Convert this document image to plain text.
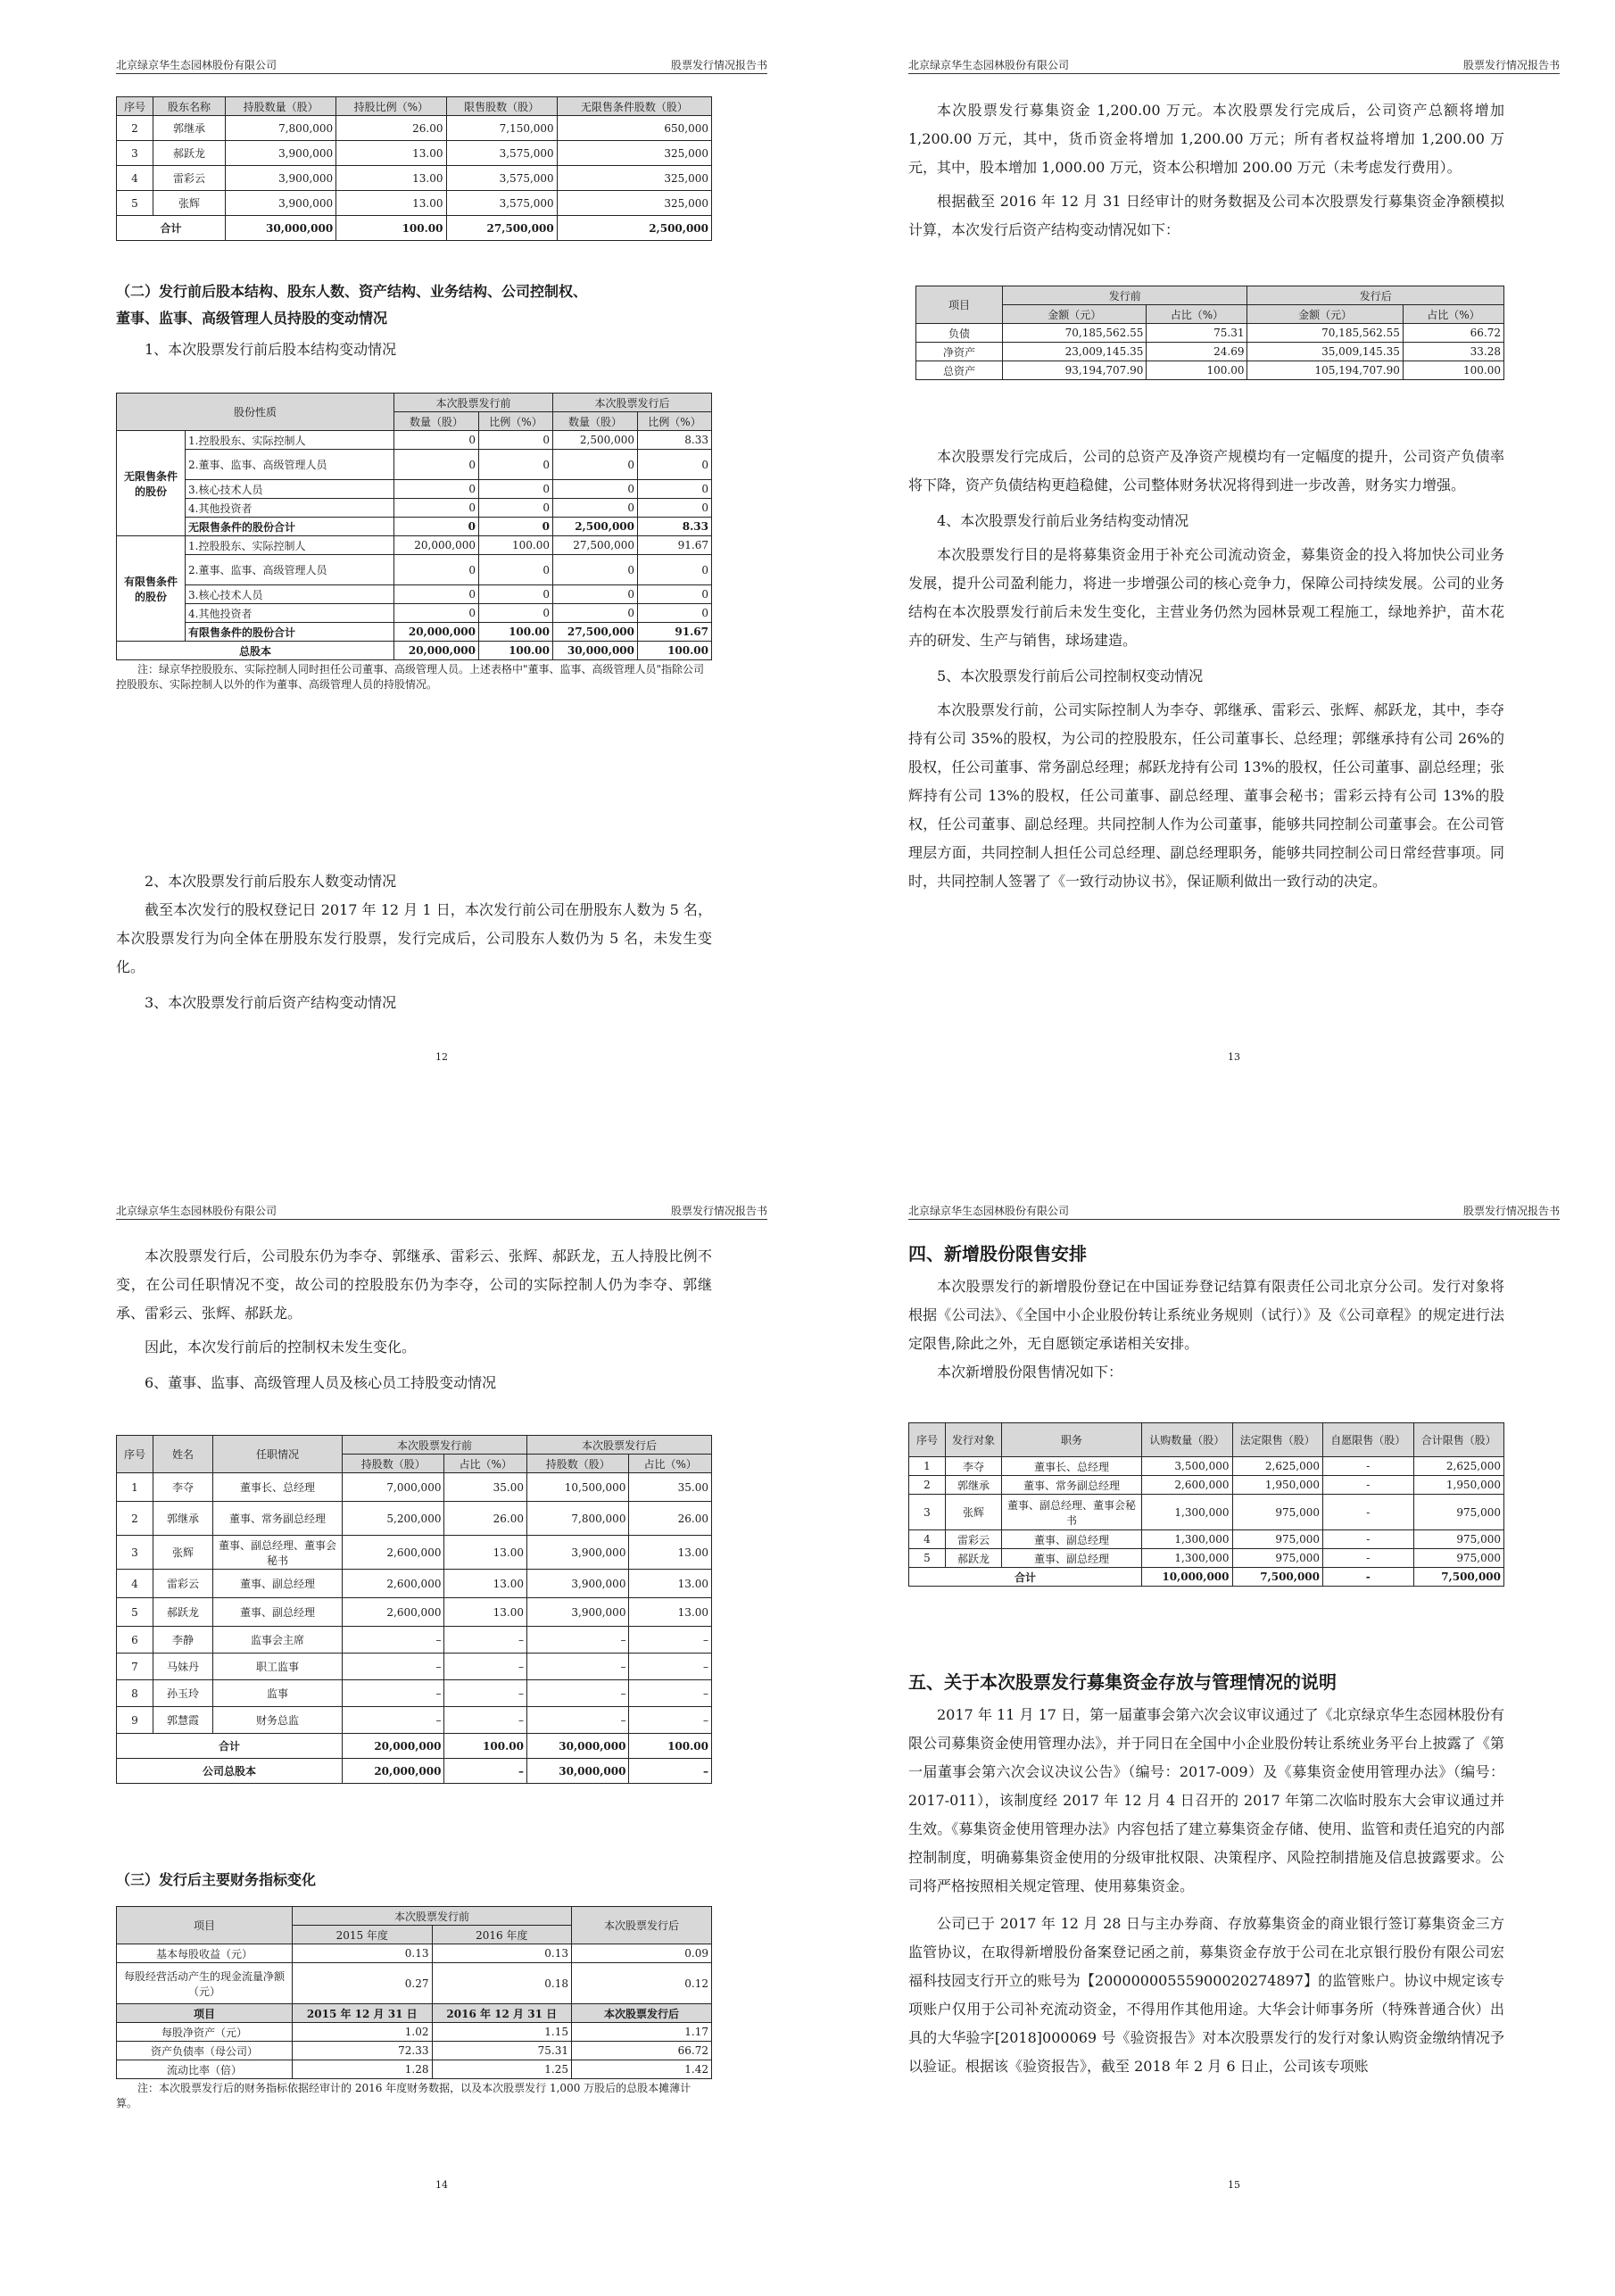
北京绿京华生态园林股份有限公司	股票发行情况报告书
序号	股东名称	持股数量（股）	持股比例（%）	限售股数（股）	无限售条件股数（股）
2	郭继承	7,800,000	26.00	7,150,000	650,000
3	郝跃龙	3,900,000	13.00	3,575,000	325,000
4	雷彩云	3,900,000	13.00	3,575,000	325,000
5	张辉	3,900,000	13.00	3,575,000	325,000
合计		30,000,000	100.00	27,500,000	2,500,000

（二）发行前后股本结构、股东人数、资产结构、业务结构、公司控制权、

董事、监事、高级管理人员持股的变动情况

1、本次股票发行前后股本结构变动情况

股份性质		本次股票发行前		本次股票发行后	
		数量（股）	比例（%）	数量（股）	比例（%）
无限售条件的股份	1.控股股东、实际控制人	0	0	2,500,000	8.33
	2.董事、监事、高级管理人员	0	0	0	0
	3.核心技术人员	0	0	0	0
	4.其他投资者	0	0	0	0
	无限售条件的股份合计	0	0	2,500,000	8.33
有限售条件的股份	1.控股股东、实际控制人	20,000,000	100.00	27,500,000	91.67
	2.董事、监事、高级管理人员	0	0	0	0
	3.核心技术人员	0	0	0	0
	4.其他投资者	0	0	0	0
	有限售条件的股份合计	20,000,000	100.00	27,500,000	91.67
总股本		20,000,000	100.00	30,000,000	100.00

注：绿京华控股股东、实际控制人同时担任公司董事、高级管理人员。上述表格中"董事、监事、高级管理人员"指除公司控股股东、实际控制人以外的作为董事、高级管理人员的持股情况。

2、本次股票发行前后股东人数变动情况

截至本次发行的股权登记日 2017 年 12 月 1 日，本次发行前公司在册股东人数为 5 名，本次股票发行为向全体在册股东发行股票，发行完成后，公司股东人数仍为 5 名，未发生变化。

3、本次股票发行前后资产结构变动情况

12
北京绿京华生态园林股份有限公司	股票发行情况报告书

本次股票发行募集资金 1,200.00 万元。本次股票发行完成后，公司资产总额将增加 1,200.00 万元，其中，货币资金将增加 1,200.00 万元；所有者权益将增加 1,200.00 万元，其中，股本增加 1,000.00 万元，资本公积增加 200.00 万元（未考虑发行费用）。

根据截至 2016 年 12 月 31 日经审计的财务数据及公司本次股票发行募集资金净额模拟计算，本次发行后资产结构变动情况如下：

项目	发行前		发行后	
	金额（元）	占比（%）	金额（元）	占比（%）
负债	70,185,562.55	75.31	70,185,562.55	66.72
净资产	23,009,145.35	24.69	35,009,145.35	33.28
总资产	93,194,707.90	100.00	105,194,707.90	100.00

本次股票发行完成后，公司的总资产及净资产规模均有一定幅度的提升，公司资产负债率将下降，资产负债结构更趋稳健，公司整体财务状况将得到进一步改善，财务实力增强。

4、本次股票发行前后业务结构变动情况

本次股票发行目的是将募集资金用于补充公司流动资金，募集资金的投入将加快公司业务发展，提升公司盈利能力，将进一步增强公司的核心竞争力，保障公司持续发展。公司的业务结构在本次股票发行前后未发生变化，主营业务仍然为园林景观工程施工，绿地养护，苗木花卉的研发、生产与销售，球场建造。

5、本次股票发行前后公司控制权变动情况

本次股票发行前，公司实际控制人为李夺、郭继承、雷彩云、张辉、郝跃龙，其中，李夺持有公司 35%的股权，为公司的控股股东，任公司董事长、总经理；郭继承持有公司 26%的股权，任公司董事、常务副总经理；郝跃龙持有公司 13%的股权，任公司董事、副总经理；张辉持有公司 13%的股权，任公司董事、副总经理、董事会秘书；雷彩云持有公司 13%的股权，任公司董事、副总经理。共同控制人作为公司董事，能够共同控制公司董事会。在公司管理层方面，共同控制人担任公司总经理、副总经理职务，能够共同控制公司日常经营事项。同时，共同控制人签署了《一致行动协议书》，保证顺利做出一致行动的决定。

13
北京绿京华生态园林股份有限公司	股票发行情况报告书

本次股票发行后，公司股东仍为李夺、郭继承、雷彩云、张辉、郝跃龙，五人持股比例不变，在公司任职情况不变，故公司的控股股东仍为李夺，公司的实际控制人仍为李夺、郭继承、雷彩云、张辉、郝跃龙。

因此，本次发行前后的控制权未发生变化。

6、董事、监事、高级管理人员及核心员工持股变动情况

序号	姓名	任职情况	本次股票发行前		本次股票发行后	
			持股数（股）	占比（%）	持股数（股）	占比（%）
1	李夺	董事长、总经理	7,000,000	35.00	10,500,000	35.00
2	郭继承	董事、常务副总经理	5,200,000	26.00	7,800,000	26.00
3	张辉	董事、副总经理、董事会秘书	2,600,000	13.00	3,900,000	13.00
4	雷彩云	董事、副总经理	2,600,000	13.00	3,900,000	13.00
5	郝跃龙	董事、副总经理	2,600,000	13.00	3,900,000	13.00
6	李静	监事会主席	–	–	–	–
7	马妹丹	职工监事	–	–	–	–
8	孙玉玲	监事	–	–	–	–
9	郭慧霞	财务总监	–	–	–	–
合计			20,000,000	100.00	30,000,000	100.00
公司总股本			20,000,000	–	30,000,000	–

（三）发行后主要财务指标变化

项目	本次股票发行前		本次股票发行后
	2015 年度	2016 年度	
基本每股收益（元）	0.13	0.13	0.09
每股经营活动产生的现金流量净额（元）	0.27	0.18	0.12
项目	2015 年 12 月 31 日	2016 年 12 月 31 日	本次股票发行后
每股净资产（元）	1.02	1.15	1.17
资产负债率（母公司）	72.33	75.31	66.72
流动比率（倍）	1.28	1.25	1.42

注：本次股票发行后的财务指标依据经审计的 2016 年度财务数据，以及本次股票发行 1,000 万股后的总股本摊薄计算。

14
北京绿京华生态园林股份有限公司	股票发行情况报告书

四、新增股份限售安排

本次股票发行的新增股份登记在中国证券登记结算有限责任公司北京分公司。发行对象将根据《公司法》、《全国中小企业股份转让系统业务规则（试行）》及《公司章程》的规定进行法定限售,除此之外，无自愿锁定承诺相关安排。

本次新增股份限售情况如下：

序号	发行对象	职务	认购数量（股）	法定限售（股）	自愿限售（股）	合计限售（股）
1	李夺	董事长、总经理	3,500,000	2,625,000	-	2,625,000
2	郭继承	董事、常务副总经理	2,600,000	1,950,000	-	1,950,000
3	张辉	董事、副总经理、董事会秘书	1,300,000	975,000	-	975,000
4	雷彩云	董事、副总经理	1,300,000	975,000	-	975,000
5	郝跃龙	董事、副总经理	1,300,000	975,000	-	975,000
合计			10,000,000	7,500,000	-	7,500,000

五、关于本次股票发行募集资金存放与管理情况的说明

2017 年 11 月 17 日，第一届董事会第六次会议审议通过了《北京绿京华生态园林股份有限公司募集资金使用管理办法》，并于同日在全国中小企业股份转让系统业务平台上披露了《第一届董事会第六次会议决议公告》（编号：2017-009）及《募集资金使用管理办法》（编号：2017-011），该制度经 2017 年 12 月 4 日召开的 2017 年第二次临时股东大会审议通过并生效。《募集资金使用管理办法》内容包括了建立募集资金存储、使用、监管和责任追究的内部控制制度，明确募集资金使用的分级审批权限、决策程序、风险控制措施及信息披露要求。公司将严格按照相关规定管理、使用募集资金。

公司已于 2017 年 12 月 28 日与主办券商、存放募集资金的商业银行签订募集资金三方监管协议，在取得新增股份备案登记函之前，募集资金存放于公司在北京银行股份有限公司宏福科技园支行开立的账号为【20000000555900020274897】的监管账户。协议中规定该专项账户仅用于公司补充流动资金，不得用作其他用途。大华会计师事务所（特殊普通合伙）出具的大华验字[2018]000069 号《验资报告》对本次股票发行的发行对象认购资金缴纳情况予以验证。根据该《验资报告》，截至 2018 年 2 月 6 日止，公司该专项账

15
